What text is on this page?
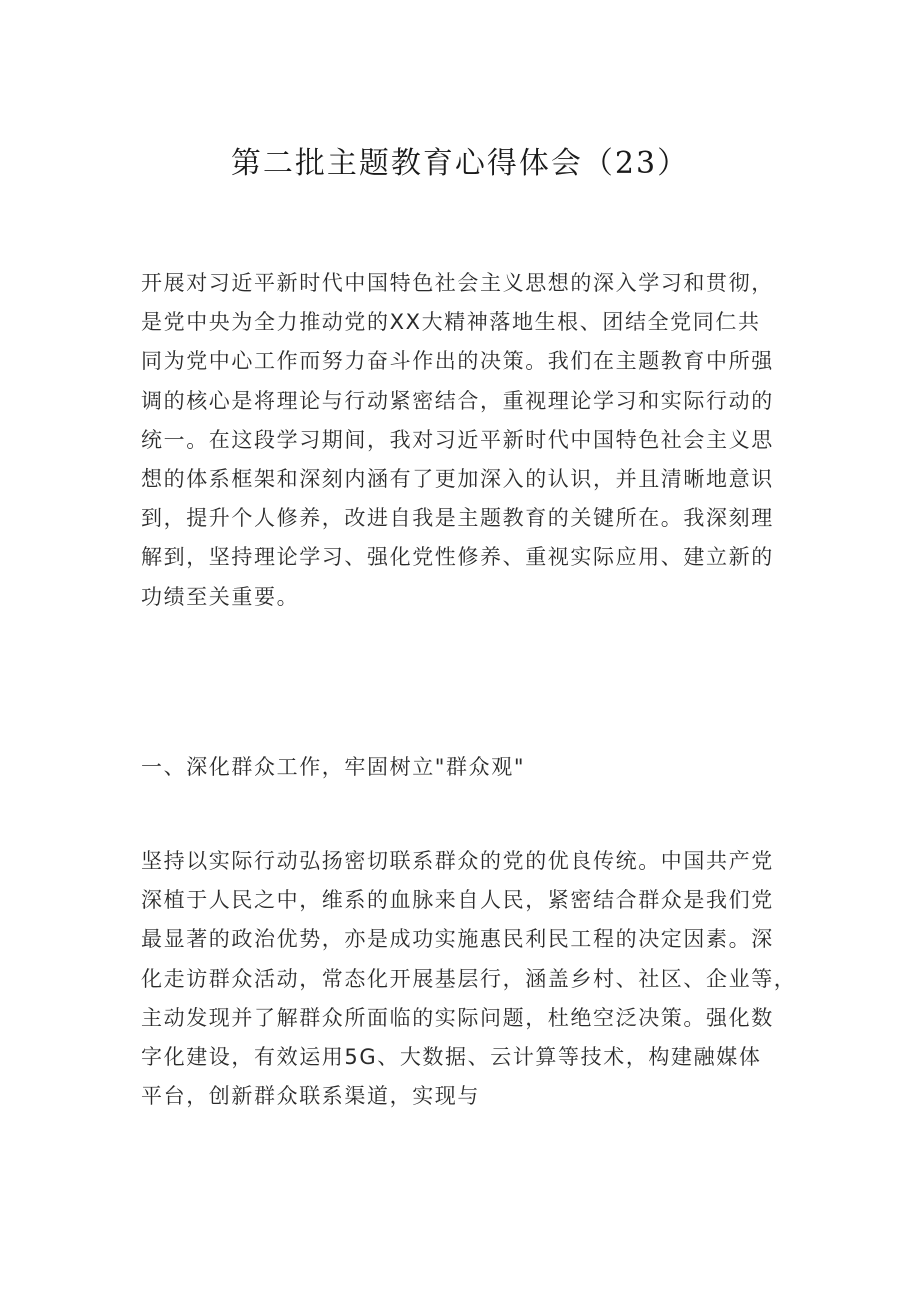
第二批主题教育心得体会（23）
开展对习近平新时代中国特色社会主义思想的深入学习和贯彻，
是党中央为全力推动党的XX大精神落地生根、团结全党同仁共
同为党中心工作而努力奋斗作出的决策。我们在主题教育中所强
调的核心是将理论与行动紧密结合，重视理论学习和实际行动的
统一。在这段学习期间，我对习近平新时代中国特色社会主义思
想的体系框架和深刻内涵有了更加深入的认识，并且清晰地意识
到，提升个人修养，改进自我是主题教育的关键所在。我深刻理
解到，坚持理论学习、强化党性修养、重视实际应用、建立新的
功绩至关重要。
一、深化群众工作，牢固树立"群众观"
坚持以实际行动弘扬密切联系群众的党的优良传统。中国共产党
深植于人民之中，维系的血脉来自人民，紧密结合群众是我们党
最显著的政治优势，亦是成功实施惠民利民工程的决定因素。深
化走访群众活动，常态化开展基层行，涵盖乡村、社区、企业等，
主动发现并了解群众所面临的实际问题，杜绝空泛决策。强化数
字化建设，有效运用5G、大数据、云计算等技术，构建融媒体
平台，创新群众联系渠道，实现与
